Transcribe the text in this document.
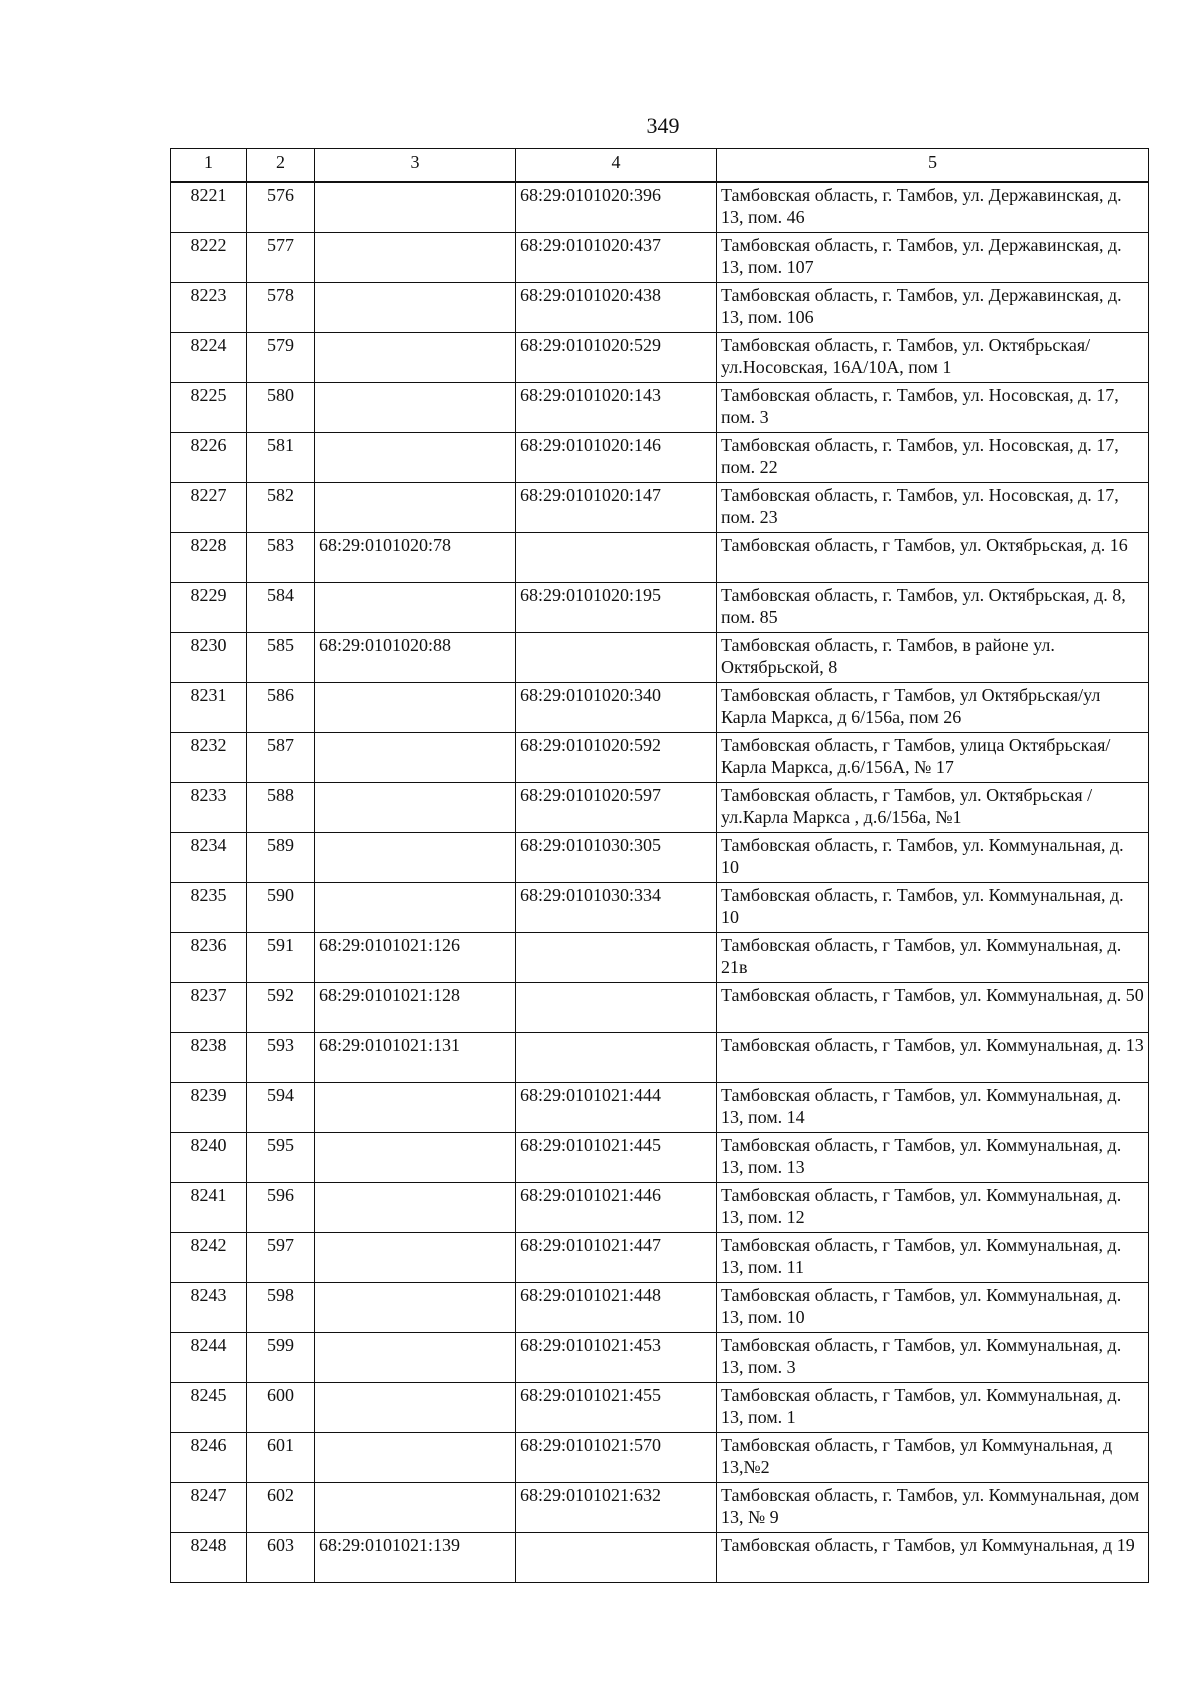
349
1	2	3	4	5
8221	576		68:29:0101020:396	Тамбовская область, г. Тамбов, ул. Державинская, д. 13, пом. 46
8222	577		68:29:0101020:437	Тамбовская область, г. Тамбов, ул. Державинская, д. 13, пом. 107
8223	578		68:29:0101020:438	Тамбовская область, г. Тамбов, ул. Державинская, д. 13, пом. 106
8224	579		68:29:0101020:529	Тамбовская область, г. Тамбов, ул. Октябрьская/ ул.Носовская, 16А/10А, пом 1
8225	580		68:29:0101020:143	Тамбовская область, г. Тамбов, ул. Носовская, д. 17, пом. 3
8226	581		68:29:0101020:146	Тамбовская область, г. Тамбов, ул. Носовская, д. 17, пом. 22
8227	582		68:29:0101020:147	Тамбовская область, г. Тамбов, ул. Носовская, д. 17, пом. 23
8228	583	68:29:0101020:78		Тамбовская область, г Тамбов, ул. Октябрьская, д. 16
8229	584		68:29:0101020:195	Тамбовская область, г. Тамбов, ул. Октябрьская, д. 8, пом. 85
8230	585	68:29:0101020:88		Тамбовская область, г. Тамбов, в районе ул. Октябрьской, 8
8231	586		68:29:0101020:340	Тамбовская область, г Тамбов, ул Октябрьская/ул Карла Маркса, д 6/156а, пом 26
8232	587		68:29:0101020:592	Тамбовская область, г Тамбов, улица Октябрьская/Карла Маркса, д.6/156А, № 17
8233	588		68:29:0101020:597	Тамбовская область, г Тамбов, ул. Октябрьская /ул.Карла Маркса , д.6/156а, №1
8234	589		68:29:0101030:305	Тамбовская область, г. Тамбов, ул. Коммунальная, д. 10
8235	590		68:29:0101030:334	Тамбовская область, г. Тамбов, ул. Коммунальная, д. 10
8236	591	68:29:0101021:126		Тамбовская область, г Тамбов, ул. Коммунальная, д. 21в
8237	592	68:29:0101021:128		Тамбовская область, г Тамбов, ул. Коммунальная, д. 50
8238	593	68:29:0101021:131		Тамбовская область, г Тамбов, ул. Коммунальная, д. 13
8239	594		68:29:0101021:444	Тамбовская область, г Тамбов, ул. Коммунальная, д. 13, пом. 14
8240	595		68:29:0101021:445	Тамбовская область, г Тамбов, ул. Коммунальная, д. 13, пом. 13
8241	596		68:29:0101021:446	Тамбовская область, г Тамбов, ул. Коммунальная, д. 13, пом. 12
8242	597		68:29:0101021:447	Тамбовская область, г Тамбов, ул. Коммунальная, д. 13, пом. 11
8243	598		68:29:0101021:448	Тамбовская область, г Тамбов, ул. Коммунальная, д. 13, пом. 10
8244	599		68:29:0101021:453	Тамбовская область, г Тамбов, ул. Коммунальная, д. 13, пом. 3
8245	600		68:29:0101021:455	Тамбовская область, г Тамбов, ул. Коммунальная, д. 13, пом. 1
8246	601		68:29:0101021:570	Тамбовская область, г Тамбов, ул Коммунальная, д 13,№2
8247	602		68:29:0101021:632	Тамбовская область, г. Тамбов, ул. Коммунальная, дом 13, № 9
8248	603	68:29:0101021:139		Тамбовская область, г Тамбов, ул Коммунальная, д 19
